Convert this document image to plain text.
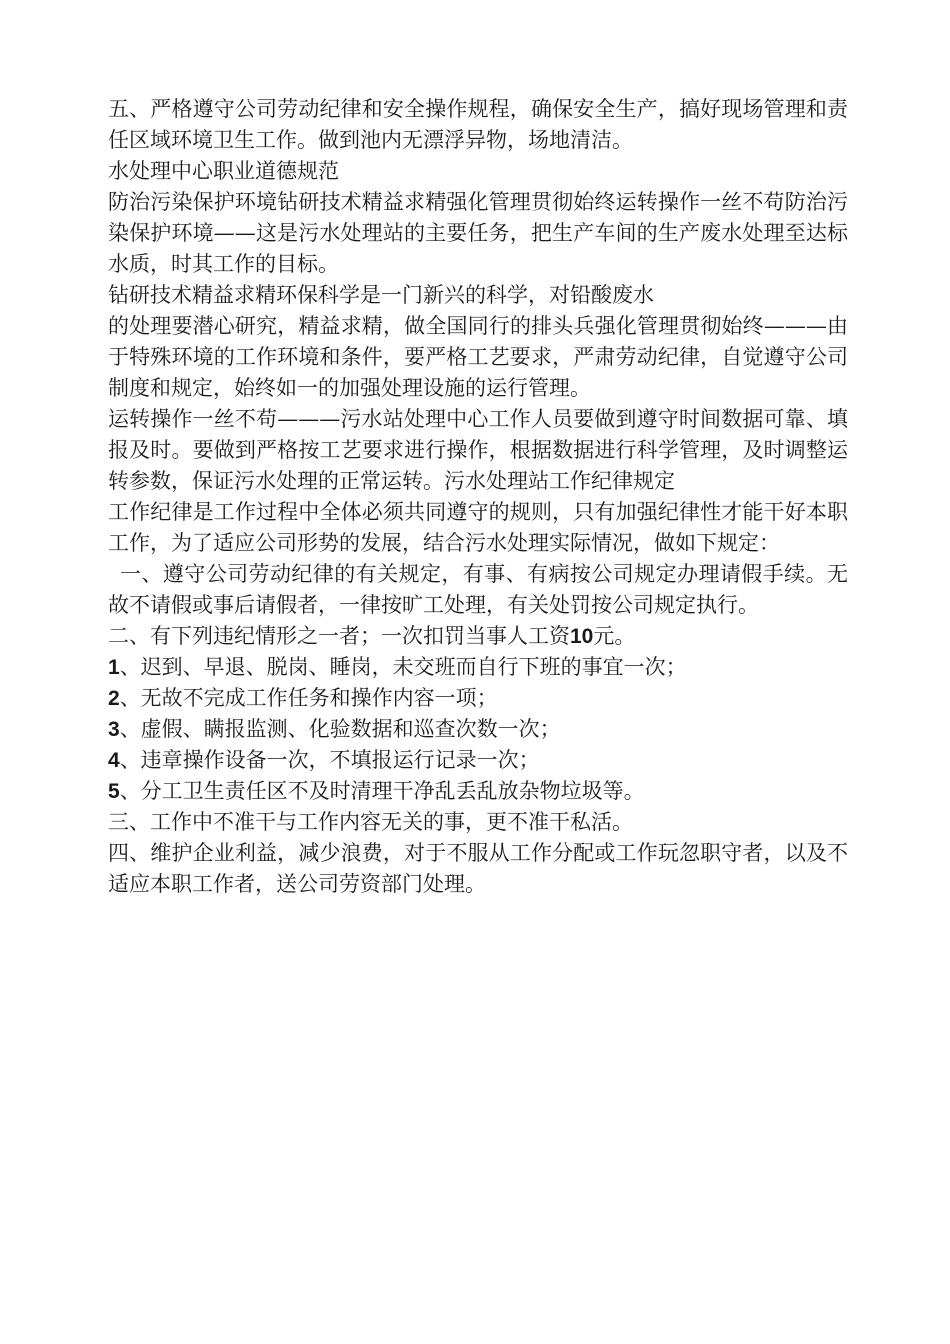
五、严格遵守公司劳动纪律和安全操作规程，确保安全生产，搞好现场管理和责任区域环境卫生工作。做到池内无漂浮异物，场地清洁。

水处理中心职业道德规范

防治污染保护环境钻研技术精益求精强化管理贯彻始终运转操作一丝不苟防治污染保护环境——这是污水处理站的主要任务，把生产车间的生产废水处理至达标水质，时其工作的目标。

钻研技术精益求精环保科学是一门新兴的科学，对铅酸废水

的处理要潜心研究，精益求精，做全国同行的排头兵强化管理贯彻始终———由于特殊环境的工作环境和条件，要严格工艺要求，严肃劳动纪律，自觉遵守公司制度和规定，始终如一的加强处理设施的运行管理。

运转操作一丝不苟———污水站处理中心工作人员要做到遵守时间数据可靠、填报及时。要做到严格按工艺要求进行操作，根据数据进行科学管理，及时调整运转参数，保证污水处理的正常运转。污水处理站工作纪律规定

工作纪律是工作过程中全体必须共同遵守的规则，只有加强纪律性才能干好本职工作，为了适应公司形势的发展，结合污水处理实际情况，做如下规定：

一、遵守公司劳动纪律的有关规定，有事、有病按公司规定办理请假手续。无故不请假或事后请假者，一律按旷工处理，有关处罚按公司规定执行。

二、有下列违纪情形之一者；一次扣罚当事人工资10元。

1、迟到、早退、脱岗、睡岗，未交班而自行下班的事宜一次；

2、无故不完成工作任务和操作内容一项；

3、虚假、瞒报监测、化验数据和巡查次数一次；

4、违章操作设备一次，不填报运行记录一次；

5、分工卫生责任区不及时清理干净乱丢乱放杂物垃圾等。

三、工作中不准干与工作内容无关的事，更不准干私活。

四、维护企业利益，减少浪费，对于不服从工作分配或工作玩忽职守者，以及不适应本职工作者，送公司劳资部门处理。
